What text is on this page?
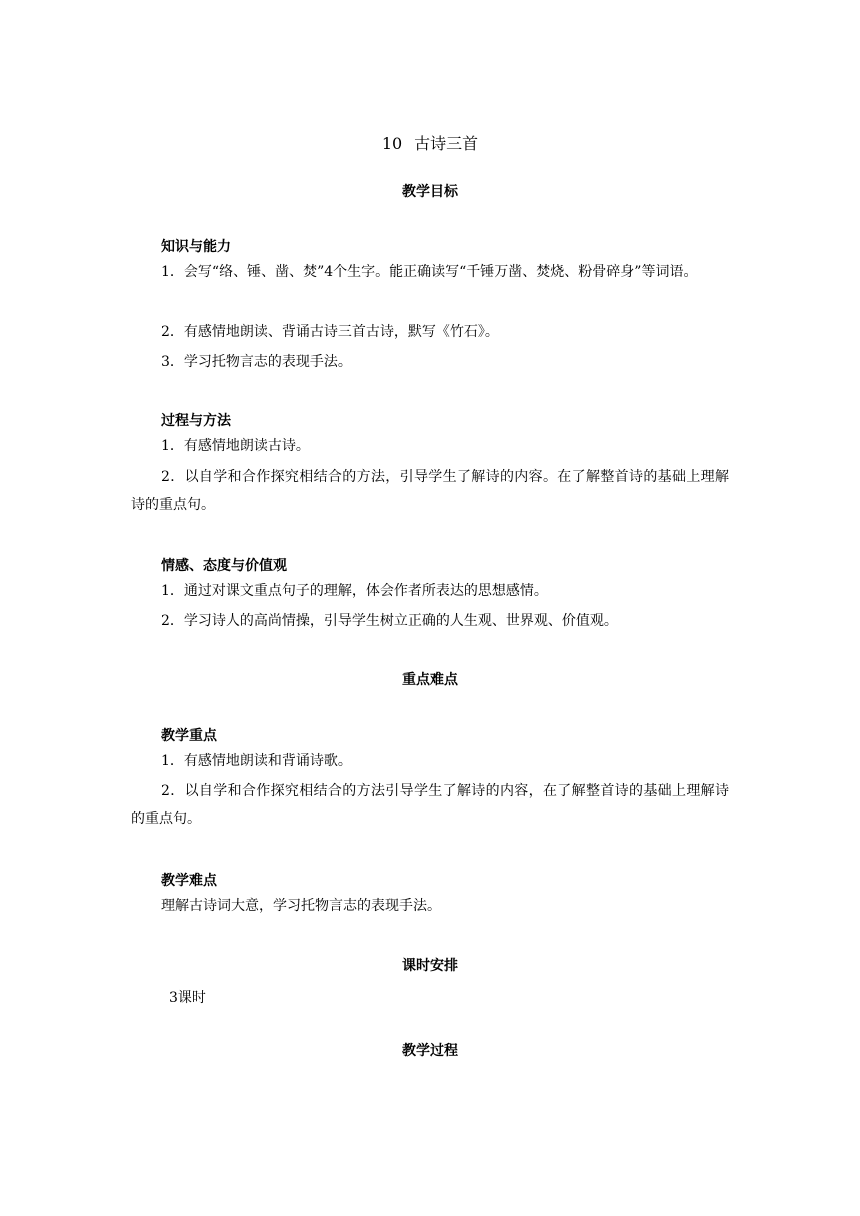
10 古诗三首
教学目标
知识与能力
1．会写“络、锤、凿、焚”4个生字。能正确读写“千锤万凿、焚烧、粉骨碎身”等词语。
2．有感情地朗读、背诵古诗三首古诗，默写《竹石》。
3．学习托物言志的表现手法。
过程与方法
1．有感情地朗读古诗。
2．以自学和合作探究相结合的方法，引导学生了解诗的内容。在了解整首诗的基础上理解诗的重点句。
情感、态度与价值观
1．通过对课文重点句子的理解，体会作者所表达的思想感情。
2．学习诗人的高尚情操，引导学生树立正确的人生观、世界观、价值观。
重点难点
教学重点
1．有感情地朗读和背诵诗歌。
2．以自学和合作探究相结合的方法引导学生了解诗的内容，在了解整首诗的基础上理解诗的重点句。
教学难点
理解古诗词大意，学习托物言志的表现手法。
课时安排
3课时
教学过程
